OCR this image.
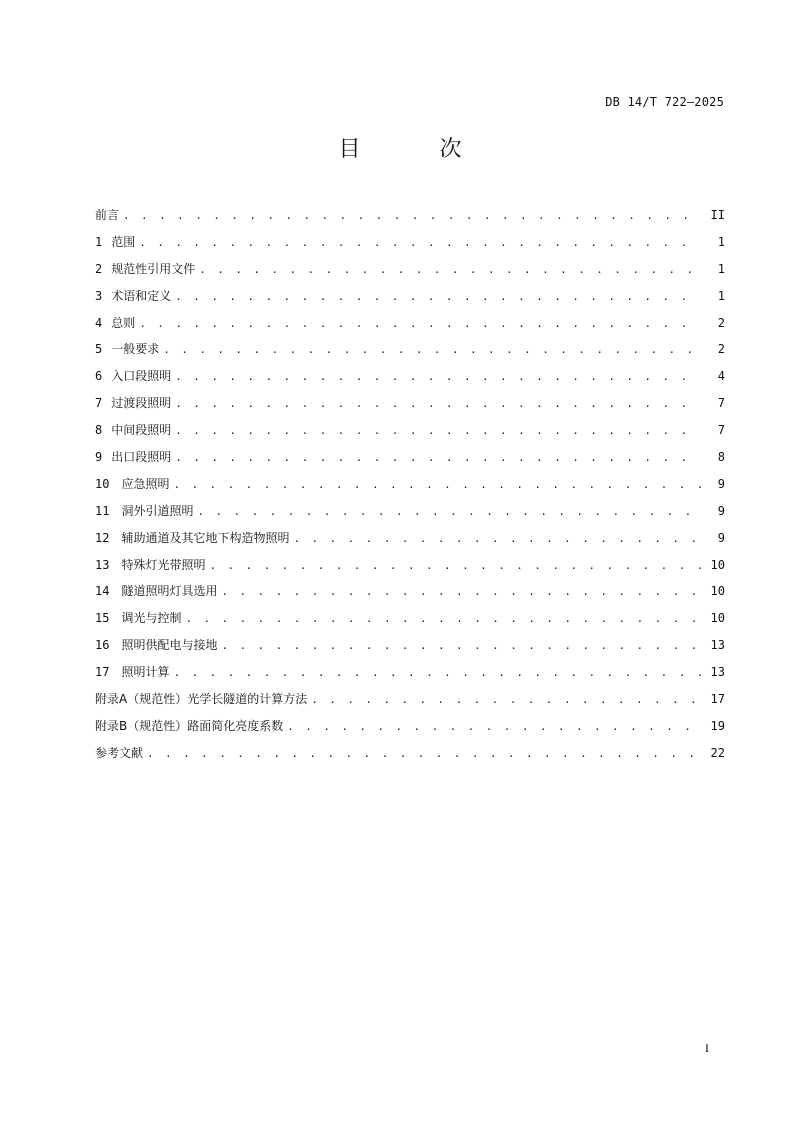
DB 14/T 722—2025
目 次
前言 . . .	II
1 范围 . . .	1
2 规范性引用文件 . . .	1
3 术语和定义 . . .	1
4 总则 . . .	2
5 一般要求 . . .	2
6 入口段照明 . . .	4
7 过渡段照明 . . .	7
8 中间段照明 . . .	7
9 出口段照明 . . .	8
10 应急照明 . . .	9
11 洞外引道照明 . . .	9
12 辅助通道及其它地下构造物照明 . . .	9
13 特殊灯光带照明 . . .	10
14 隧道照明灯具选用 . . .	10
15 调光与控制 . . .	10
16 照明供配电与接地 . . .	13
17 照明计算 . . .	13
附录A（规范性）光学长隧道的计算方法 . . .	17
附录B（规范性）路面简化亮度系数 . . .	19
参考文献 . . .	22
I
